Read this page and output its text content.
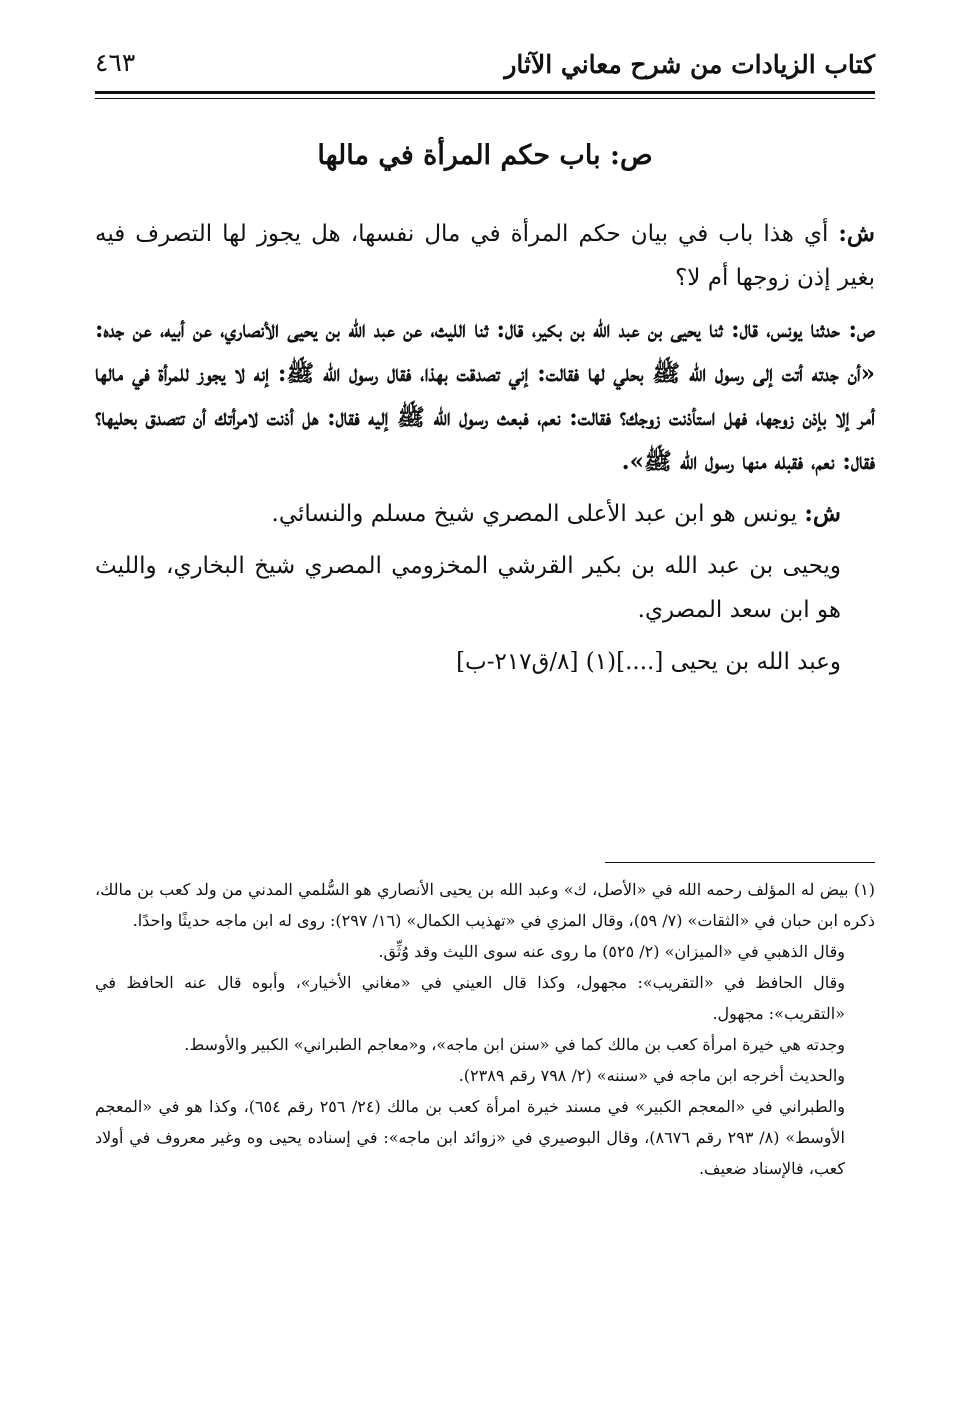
كتاب الزيادات من شرح معاني الآثار
٤٦٣
ص: باب حكم المرأة في مالها

ش: أي هذا باب في بيان حكم المرأة في مال نفسها، هل يجوز لها التصرف فيه بغير إذن زوجها أم لا؟

ص: حدثنا يونس، قال: ثنا يحيى بن عبد الله بن بكير، قال: ثنا الليث، عن عبد الله بن يحيى الأنصاري، عن أبيه، عن جده: «أن جدته أتت إلى رسول الله ﷺ بحلي لها فقالت: إني تصدقت بهذا، فقال رسول الله ﷺ: إنه لا يجوز للمرأة في مالها أمر إلا بإذن زوجها، فهل استأذنت زوجك؟ فقالت: نعم، فبعث رسول الله ﷺ إليه فقال: هل أذنت لامرأتك أن تتصدق بحليها؟ فقال: نعم، فقبله منها رسول الله ﷺ».

ش: يونس هو ابن عبد الأعلى المصري شيخ مسلم والنسائي.

ويحيى بن عبد الله بن بكير القرشي المخزومي المصري شيخ البخاري، والليث هو ابن سعد المصري.

وعبد الله بن يحيى [....](١) [٨/ق٢١٧-ب]

(١) بيض له المؤلف رحمه الله في «الأصل، ك» وعبد الله بن يحيى الأنصاري هو السُّلمي المدني من ولد كعب بن مالك، ذكره ابن حبان في «الثقات» (٧/ ٥٩)، وقال المزي في «تهذيب الكمال» (١٦/ ٢٩٧): روى له ابن ماجه حديثًا واحدًا.

وقال الذهبي في «الميزان» (٢/ ٥٢٥) ما روى عنه سوى الليث وقد وُثِّق.

وقال الحافظ في «التقريب»: مجهول، وكذا قال العيني في «مغاني الأخيار»، وأبوه قال عنه الحافظ في «التقريب»: مجهول.

وجدته هي خيرة امرأة كعب بن مالك كما في «سنن ابن ماجه»، و«معاجم الطبراني» الكبير والأوسط.

والحديث أخرجه ابن ماجه في «سننه» (٢/ ٧٩٨ رقم ٢٣٨٩).

والطبراني في «المعجم الكبير» في مسند خيرة امرأة كعب بن مالك (٢٤/ ٢٥٦ رقم ٦٥٤)، وكذا هو في «المعجم الأوسط» (٨/ ٢٩٣ رقم ٨٦٧٦)، وقال البوصيري في «زوائد ابن ماجه»: في إسناده يحيى وه وغير معروف في أولاد كعب، فالإسناد ضعيف.
